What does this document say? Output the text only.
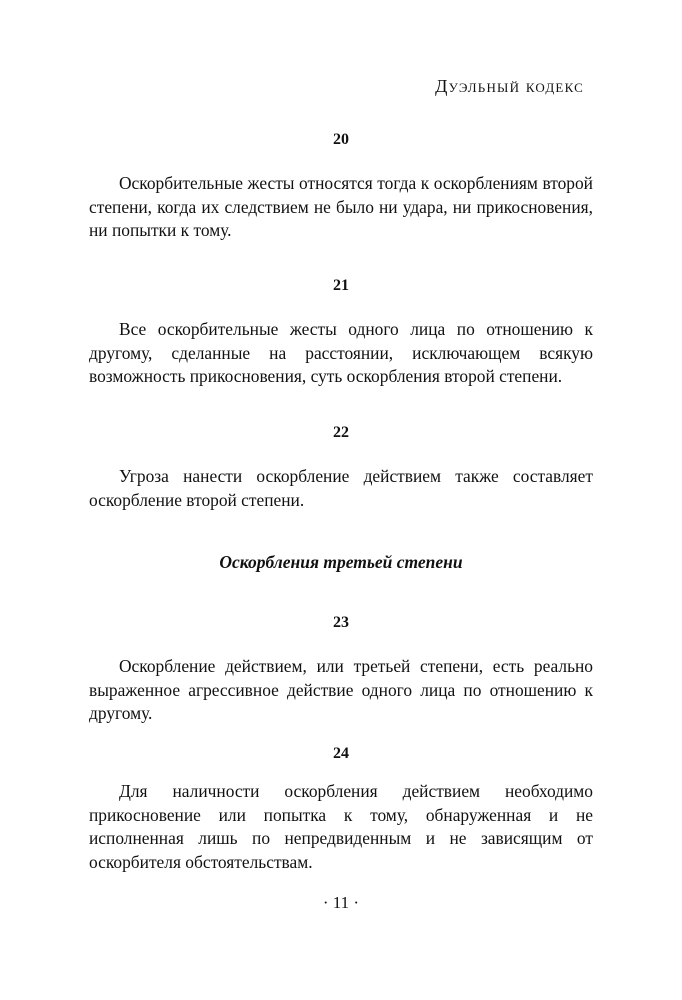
Дуэльный кодекс
20

Оскорбительные жесты относятся тогда к оскорблениям второй степени, когда их следствием не было ни удара, ни прикосновения, ни попытки к тому.

21

Все оскорбительные жесты одного лица по отношению к другому, сделанные на расстоянии, исключающем всякую возможность прикосновения, суть оскорбления второй степени.

22

Угроза нанести оскорбление действием также составляет оскорбление второй степени.

Оскорбления третьей степени
23

Оскорбление действием, или третьей степени, есть реально выраженное агрессивное действие одного лица по отношению к другому.

24

Для наличности оскорбления действием необходимо прикосновение или попытка к тому, обнаруженная и не исполненная лишь по непредвиденным и не зависящим от оскорбителя обстоятельствам.

· 11 ·
